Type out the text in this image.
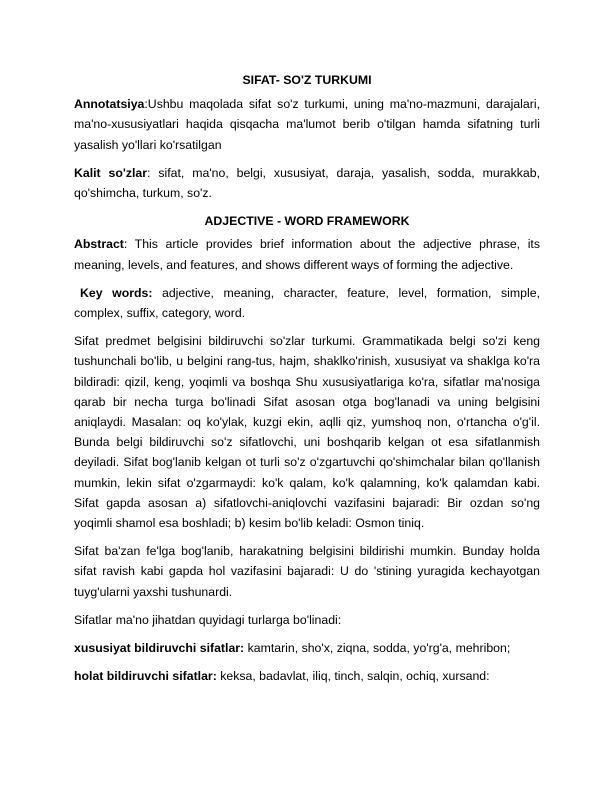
SIFAT- SO'Z TURKUMI

Annotatsiya:Ushbu maqolada sifat so'z turkumi, uning ma'no-mazmuni, darajalari, ma'no-xususiyatlari haqida qisqacha ma'lumot berib o'tilgan hamda sifatning turli yasalish yo'llari ko'rsatilgan

Kalit so'zlar: sifat, ma'no, belgi, xususiyat, daraja, yasalish, sodda, murakkab, qo'shimcha, turkum, so'z.

ADJECTIVE - WORD FRAMEWORK

Abstract: This article provides brief information about the adjective phrase, its meaning, levels, and features, and shows different ways of forming the adjective.

Key words: adjective, meaning, character, feature, level, formation, simple, complex, suffix, category, word.

Sifat predmet belgisini bildiruvchi so'zlar turkumi. Grammatikada belgi so'zi keng tushunchali bo'lib, u belgini rang-tus, hajm, shaklko'rinish, xususiyat va shaklga ko'ra bildiradi: qizil, keng, yoqimli va boshqa Shu xususiyatlariga ko'ra, sifatlar ma'nosiga qarab bir necha turga bo'linadi Sifat asosan otga bog'lanadi va uning belgisini aniqlaydi. Masalan: oq ko'ylak, kuzgi ekin, aqlli qiz, yumshoq non, o'rtancha o'g'il. Bunda belgi bildiruvchi so'z sifatlovchi, uni boshqarib kelgan ot esa sifatlanmish deyiladi. Sifat bog'lanib kelgan ot turli so'z o'zgartuvchi qo'shimchalar bilan qo'llanish mumkin, lekin sifat o'zgarmaydi: ko'k qalam, ko'k qalamning, ko'k qalamdan kabi. Sifat gapda asosan a) sifatlovchi-aniqlovchi vazifasini bajaradi: Bir ozdan so'ng yoqimli shamol esa boshladi; b) kesim bo'lib keladi: Osmon tiniq.

Sifat ba'zan fe'lga bog'lanib, harakatning belgisini bildirishi mumkin. Bunday holda sifat ravish kabi gapda hol vazifasini bajaradi: U do 'stining yuragida kechayotgan tuyg'ularni yaxshi tushunardi.

Sifatlar ma'no jihatdan quyidagi turlarga bo'linadi:
xususiyat bildiruvchi sifatlar: kamtarin, sho'x, ziqna, sodda, yo'rg'a, mehribon;
holat bildiruvchi sifatlar: keksa, badavlat, iliq, tinch, salqin, ochiq, xursand:
